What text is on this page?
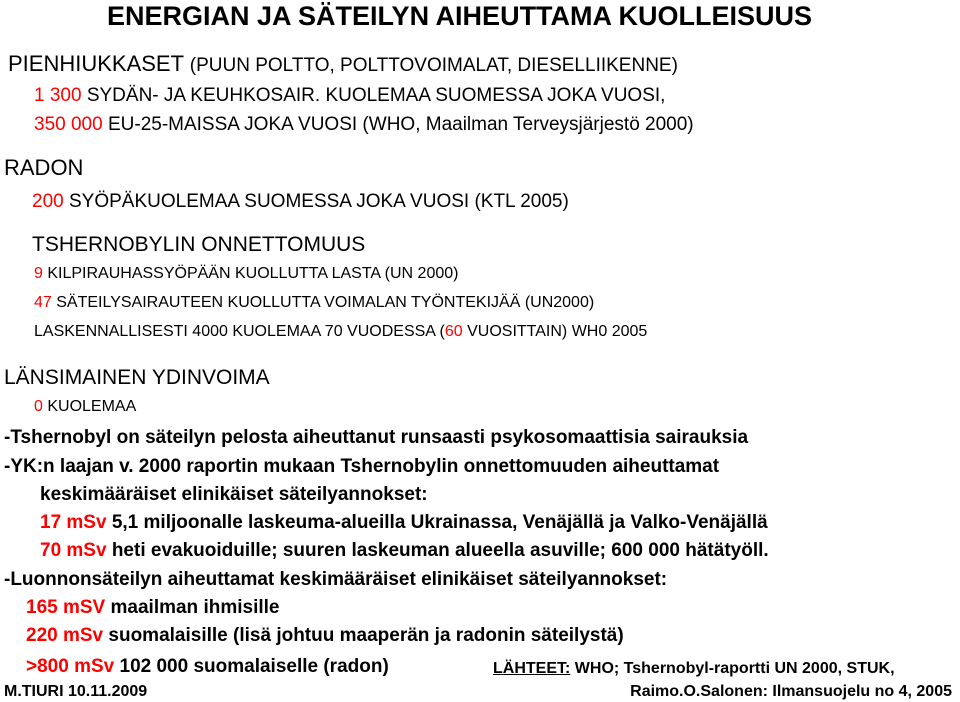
ENERGIAN JA SÄTEILYN AIHEUTTAMA KUOLLEISUUS
PIENHIUKKASET (PUUN POLTTO, POLTTOVOIMALAT, DIESELLIIKENNE)
1 300 SYDÄN- JA KEUHKOSAIR. KUOLEMAA SUOMESSA JOKA VUOSI,
350 000 EU-25-MAISSA JOKA VUOSI (WHO, Maailman Terveysjärjestö 2000)
RADON
200 SYÖPÄKUOLEMAA SUOMESSA JOKA VUOSI (KTL 2005)
TSHERNOBYLIN ONNETTOMUUS
9 KILPIRAUHASSYÖPÄÄN KUOLLUTTA LASTA (UN 2000)
47 SÄTEILYSAIRAUTEEN KUOLLUTTA VOIMALAN TYÖNTEKIJÄÄ (UN2000)
LASKENNALLISESTI 4000 KUOLEMAA 70 VUODESSA (60 VUOSITTAIN) WH0 2005
LÄNSIMAINEN YDINVOIMA
0 KUOLEMAA
-Tshernobyl on säteilyn pelosta aiheuttanut runsaasti psykosomaattisia sairauksia
-YK:n laajan v. 2000 raportin mukaan Tshernobylin onnettomuuden aiheuttamat
keskimääräiset elinikäiset säteilyannokset:
17 mSv 5,1 miljoonalle laskeuma-alueilla Ukrainassa, Venäjällä ja Valko-Venäjällä
70 mSv heti evakuoiduille; suuren laskeuman alueella asuville; 600 000 hätätyöll.
-Luonnonsäteilyn aiheuttamat keskimääräiset elinikäiset säteilyannokset:
165 mSV maailman ihmisille
220 mSv suomalaisille (lisä johtuu maaperän ja radonin säteilystä)
>800 mSv 102 000 suomalaiselle (radon)	LÄHTEET: WHO; Tshernobyl-raportti UN 2000, STUK,
Raimo.O.Salonen: Ilmansuojelu no 4, 2005
M.TIURI 10.11.2009
